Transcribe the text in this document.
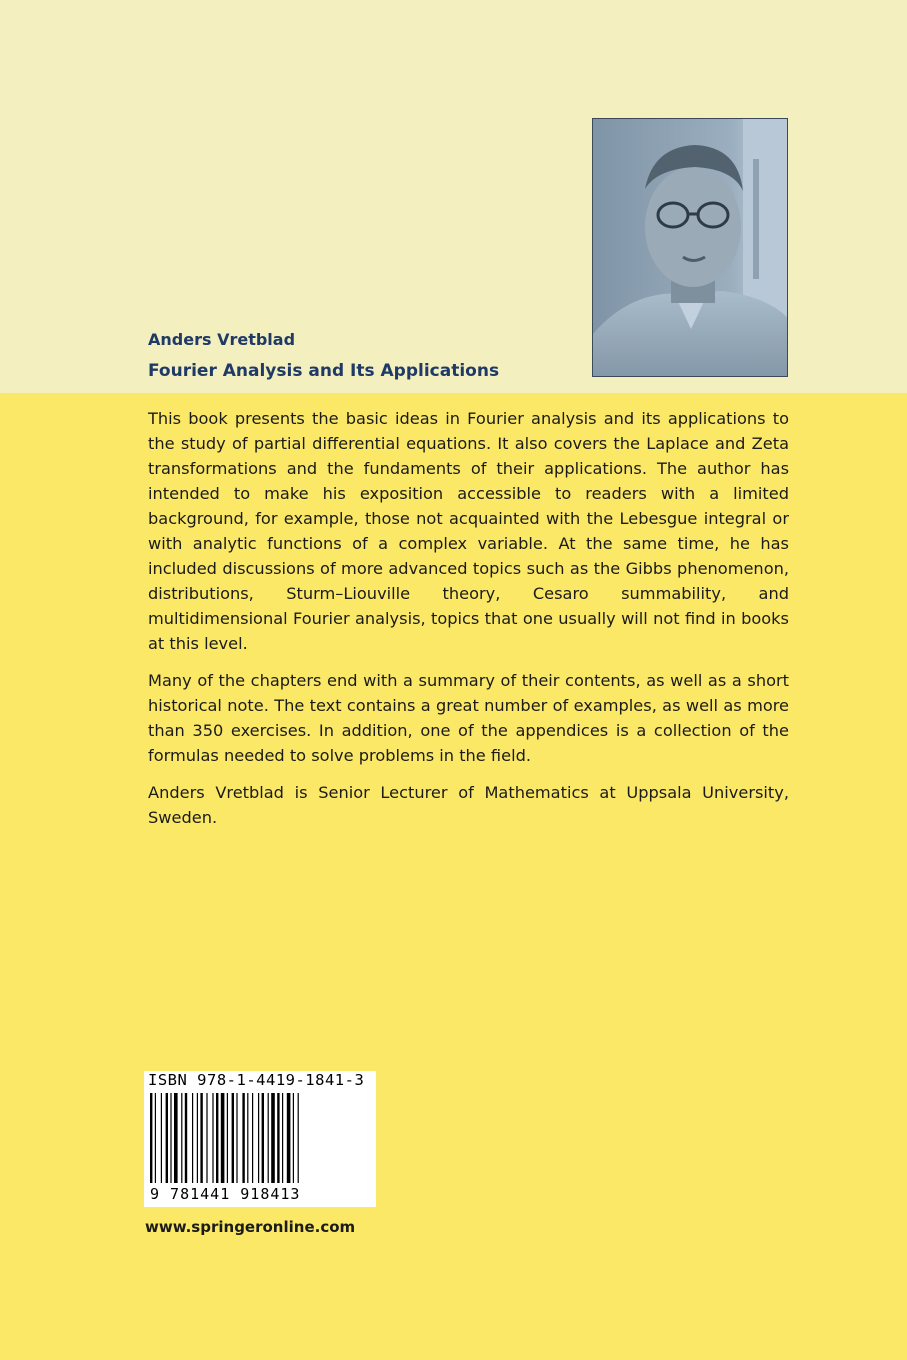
Anders Vretblad
Fourier Analysis and Its Applications

This book presents the basic ideas in Fourier analysis and its applications to the study of partial differential equations. It also covers the Laplace and Zeta transformations and the fundaments of their applications. The author has intended to make his exposition accessible to readers with a limited background, for example, those not acquainted with the Lebesgue integral or with analytic functions of a complex variable. At the same time, he has included discussions of more advanced topics such as the Gibbs phenomenon, distributions, Sturm–Liouville theory, Cesaro summability, and multidimensional Fourier analysis, topics that one usually will not find in books at this level.

Many of the chapters end with a summary of their contents, as well as a short historical note. The text contains a great number of examples, as well as more than 350 exercises. In addition, one of the appendices is a collection of the formulas needed to solve problems in the field.

Anders Vretblad is Senior Lecturer of Mathematics at Uppsala University, Sweden.

ISBN 978-1-4419-1841-3
9 781441 918413
www.springeronline.com
